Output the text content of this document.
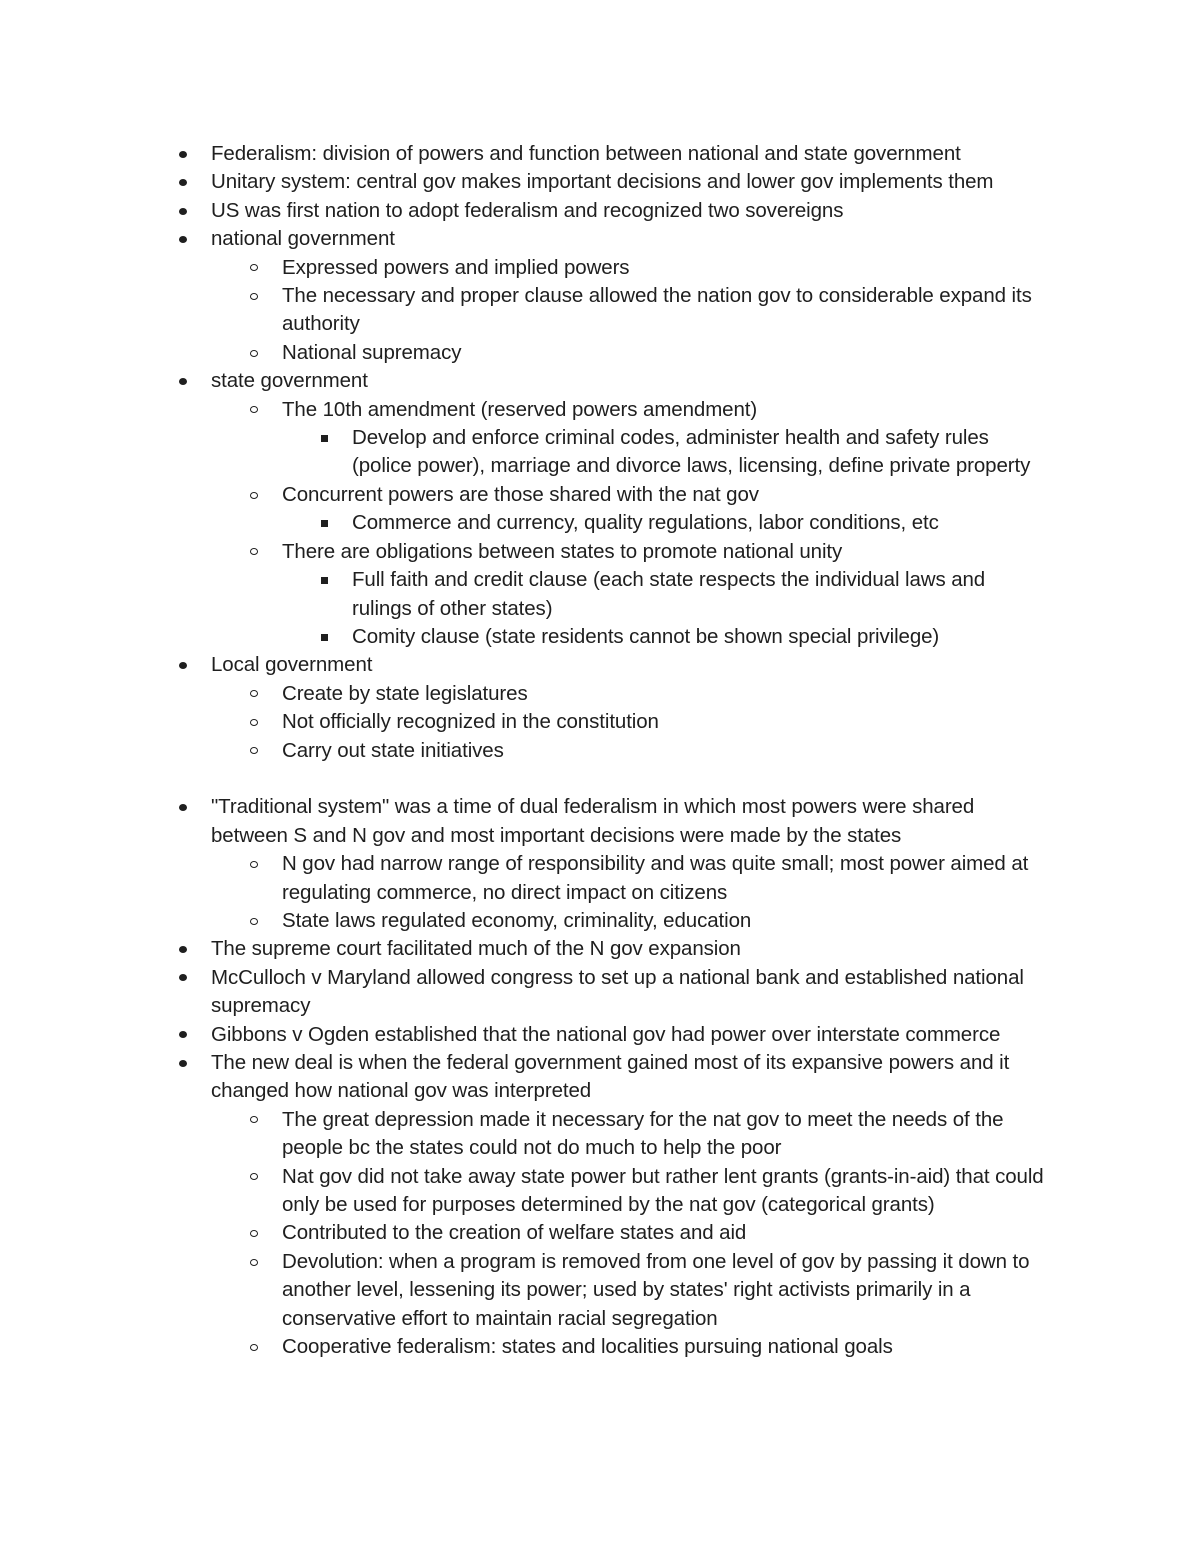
Federalism: division of powers and function between national and state government
Unitary system: central gov makes important decisions and lower gov implements them
US was first nation to adopt federalism and recognized two sovereigns
national government
Expressed powers and implied powers
The necessary and proper clause allowed the nation gov to considerable expand its authority
National supremacy
state government
The 10th amendment (reserved powers amendment)
Develop and enforce criminal codes, administer health and safety rules (police power), marriage and divorce laws, licensing, define private property
Concurrent powers are those shared with the nat gov
Commerce and currency, quality regulations, labor conditions, etc
There are obligations between states to promote national unity
Full faith and credit clause (each state respects the individual laws and rulings of other states)
Comity clause (state residents cannot be shown special privilege)
Local government
Create by state legislatures
Not officially recognized in the constitution
Carry out state initiatives
"Traditional system" was a time of dual federalism in which most powers were shared between S and N gov and most important decisions were made by the states
N gov had narrow range of responsibility and was quite small; most power aimed at regulating commerce, no direct impact on citizens
State laws regulated economy, criminality, education
The supreme court facilitated much of the N gov expansion
McCulloch v Maryland allowed congress to set up a national bank and established national supremacy
Gibbons v Ogden established that the national gov had power over interstate commerce
The new deal is when the federal government gained most of its expansive powers and it changed how national gov was interpreted
The great depression made it necessary for the nat gov to meet the needs of the people bc the states could not do much to help the poor
Nat gov did not take away state power but rather lent grants (grants-in-aid) that could only be used for purposes determined by the nat gov (categorical grants)
Contributed to the creation of welfare states and aid
Devolution: when a program is removed from one level of gov by passing it down to another level, lessening its power; used by states' right activists primarily in a conservative effort to maintain racial segregation
Cooperative federalism: states and localities pursuing national goals
